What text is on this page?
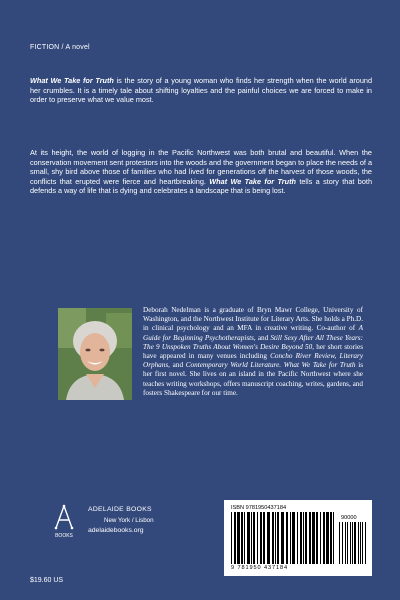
FICTION / A novel

What We Take for Truth is the story of a young woman who finds her strength when the world around her crumbles. It is a timely tale about shifting loyalties and the painful choices we are forced to make in order to preserve what we value most.

At its height, the world of logging in the Pacific Northwest was both brutal and beautiful. When the conservation movement sent protestors into the woods and the government began to place the needs of a small, shy bird above those of families who had lived for generations off the harvest of those woods, the conflicts that erupted were fierce and heartbreaking. What We Take for Truth tells a story that both defends a way of life that is dying and celebrates a landscape that is being lost.

Deborah Nedelman is a graduate of Bryn Mawr College, University of Washington, and the Northwest Institute for Literary Arts. She holds a Ph.D. in clinical psychology and an MFA in creative writing. Co-author of A Guide for Beginning Psychotherapists, and Still Sexy After All These Years: The 9 Unspoken Truths About Women's Desire Beyond 50, her short stories have appeared in many venues including Concho River Review, Literary Orphans, and Contemporary World Literature. What We Take for Truth is her first novel. She lives on an island in the Pacific Northwest where she teaches writing workshops, offers manuscript coaching, writes, gardens, and fosters Shakespeare for our time.

BOOKS
ADELAIDE BOOKS
New York / Lisbon
adelaidebooks.org
$19.60 US
ISBN 9781950437184
90000
9 781950 437184
